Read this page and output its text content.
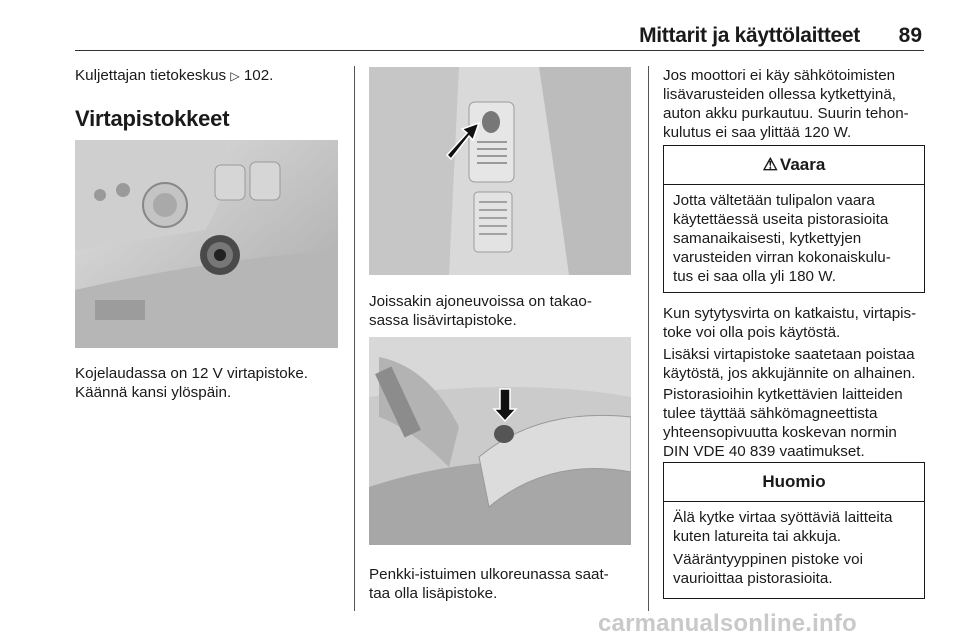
Mittarit ja käyttölaitteet 89
Kuljettajan tietokeskus ▷ 102.
Virtapistokkeet
Kojelaudassa on 12 V virtapistoke.
Käännä kansi ylöspäin.
Joissakin ajoneuvoissa on takao-
sassa lisävirtapistoke.
Penkki-istuimen ulkoreunassa saat-
taa olla lisäpistoke.
Jos moottori ei käy sähkötoimisten
lisävarusteiden ollessa kytkettyinä,
auton akku purkautuu. Suurin tehon-
kulutus ei saa ylittää 120 W.
⚠ Vaara
Jotta vältetään tulipalon vaara
käytettäessä useita pistorasioita
samanaikaisesti, kytkettyjen
varusteiden virran kokonaiskulu-
tus ei saa olla yli 180 W.
Kun sytytysvirta on katkaistu, virtapis-
toke voi olla pois käytöstä.
Lisäksi virtapistoke saatetaan poistaa
käytöstä, jos akkujännite on alhainen.
Pistorasioihin kytkettävien laitteiden
tulee täyttää sähkömagneettista
yhteensopivuutta koskevan normin
DIN VDE 40 839 vaatimukset.
Huomio

Älä kytke virtaa syöttäviä laitteita
kuten latureita tai akkuja.

Vääräntyyppinen pistoke voi
vaurioittaa pistorasioita.

carmanualsonline.info
